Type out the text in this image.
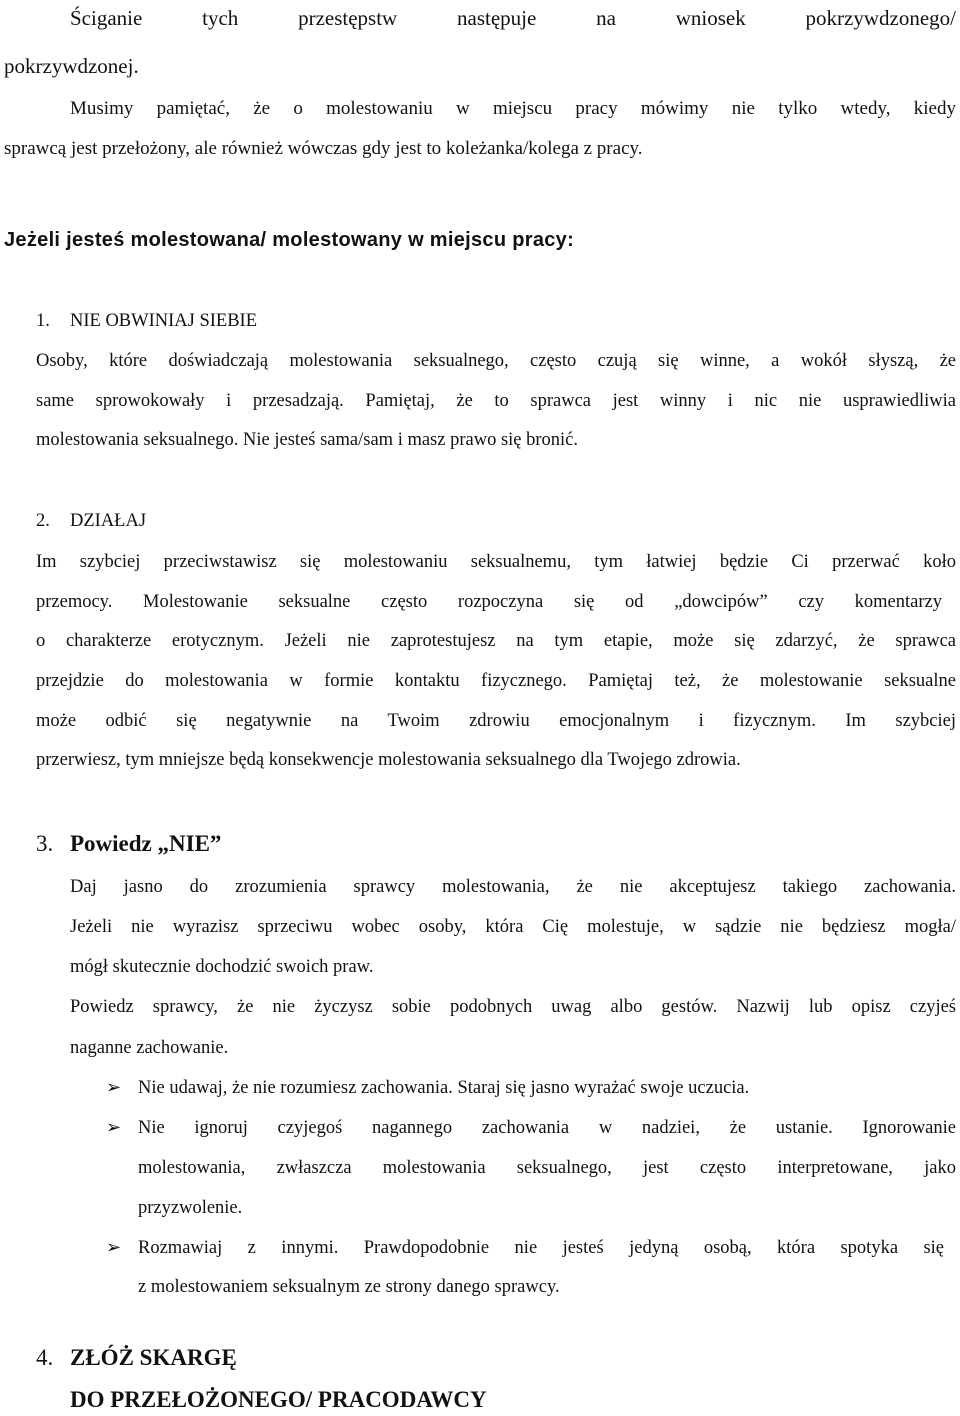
Ściganie tych przestępstw następuje na wniosek pokrzywdzonego/
pokrzywdzonej.
Musimy pamiętać, że o molestowaniu w miejscu pracy mówimy nie tylko wtedy, kiedy
sprawcą jest przełożony, ale również wówczas gdy jest to koleżanka/kolega z pracy.
Jeżeli jesteś molestowana/ molestowany w miejscu pracy:
1. NIE OBWINIAJ SIEBIE
Osoby, które doświadczają molestowania seksualnego, często czują się winne, a wokół słyszą, że
same sprowokowały i przesadzają. Pamiętaj, że to sprawca jest winny i nic nie usprawiedliwia
molestowania seksualnego. Nie jesteś sama/sam i masz prawo się bronić.
2. DZIAŁAJ
Im szybciej przeciwstawisz się molestowaniu seksualnemu, tym łatwiej będzie Ci przerwać koło
przemocy. Molestowanie seksualne często rozpoczyna się od „dowcipów” czy komentarzy
o charakterze erotycznym. Jeżeli nie zaprotestujesz na tym etapie, może się zdarzyć, że sprawca
przejdzie do molestowania w formie kontaktu fizycznego. Pamiętaj też, że molestowanie seksualne
może odbić się negatywnie na Twoim zdrowiu emocjonalnym i fizycznym. Im szybciej
przerwiesz, tym mniejsze będą konsekwencje molestowania seksualnego dla Twojego zdrowia.
3. Powiedz „NIE”
Daj jasno do zrozumienia sprawcy molestowania, że nie akceptujesz takiego zachowania.
Jeżeli nie wyrazisz sprzeciwu wobec osoby, która Cię molestuje, w sądzie nie będziesz mogła/
mógł skutecznie dochodzić swoich praw.
Powiedz sprawcy, że nie życzysz sobie podobnych uwag albo gestów. Nazwij lub opisz czyjeś
naganne zachowanie.
➢ Nie udawaj, że nie rozumiesz zachowania. Staraj się jasno wyrażać swoje uczucia.
➢ Nie ignoruj czyjegoś nagannego zachowania w nadziei, że ustanie. Ignorowanie
molestowania, zwłaszcza molestowania seksualnego, jest często interpretowane, jako
przyzwolenie.
➢ Rozmawiaj z innymi. Prawdopodobnie nie jesteś jedyną osobą, która spotyka się
z molestowaniem seksualnym ze strony danego sprawcy.
4. ZŁÓŻ SKARGĘ
DO PRZEŁOŻONEGO/ PRACODAWCY
